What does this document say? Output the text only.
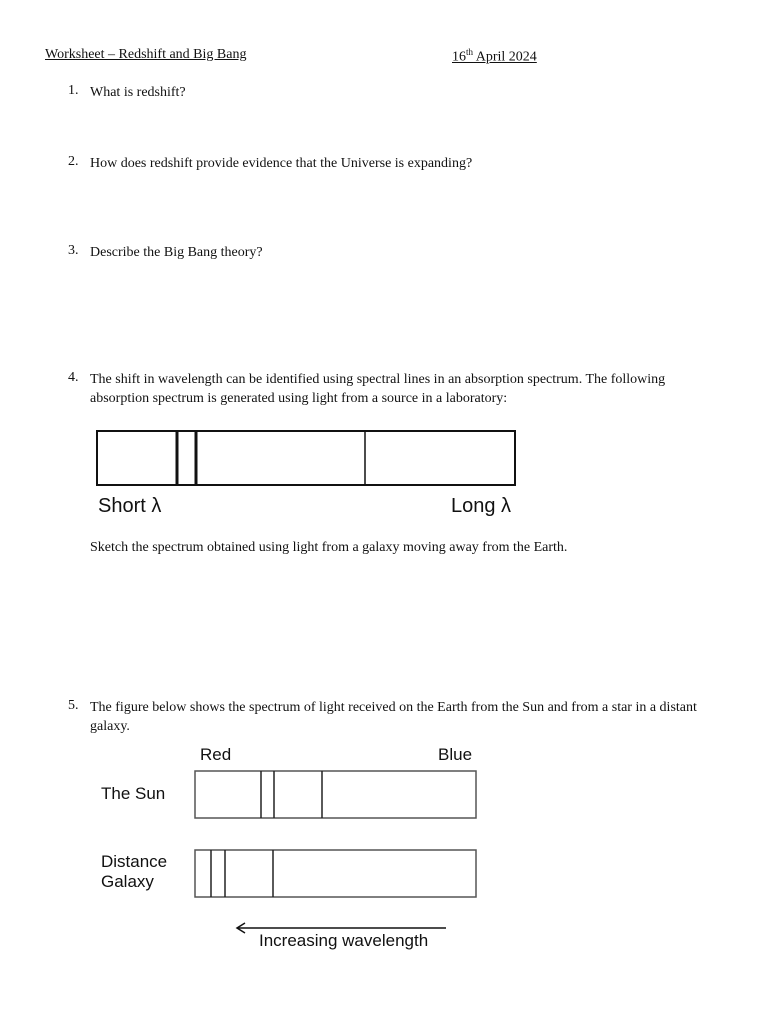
Worksheet – Redshift and Big Bang	16th April 2024
1. What is redshift?
2. How does redshift provide evidence that the Universe is expanding?
3. Describe the Big Bang theory?
4. The shift in wavelength can be identified using spectral lines in an absorption spectrum. The following absorption spectrum is generated using light from a source in a laboratory:
Short λ	Long λ
Sketch the spectrum obtained using light from a galaxy moving away from the Earth.
5. The figure below shows the spectrum of light received on the Earth from the Sun and from a star in a distant galaxy.
Red	Blue
The Sun
Distance
Galaxy
Increasing wavelength
